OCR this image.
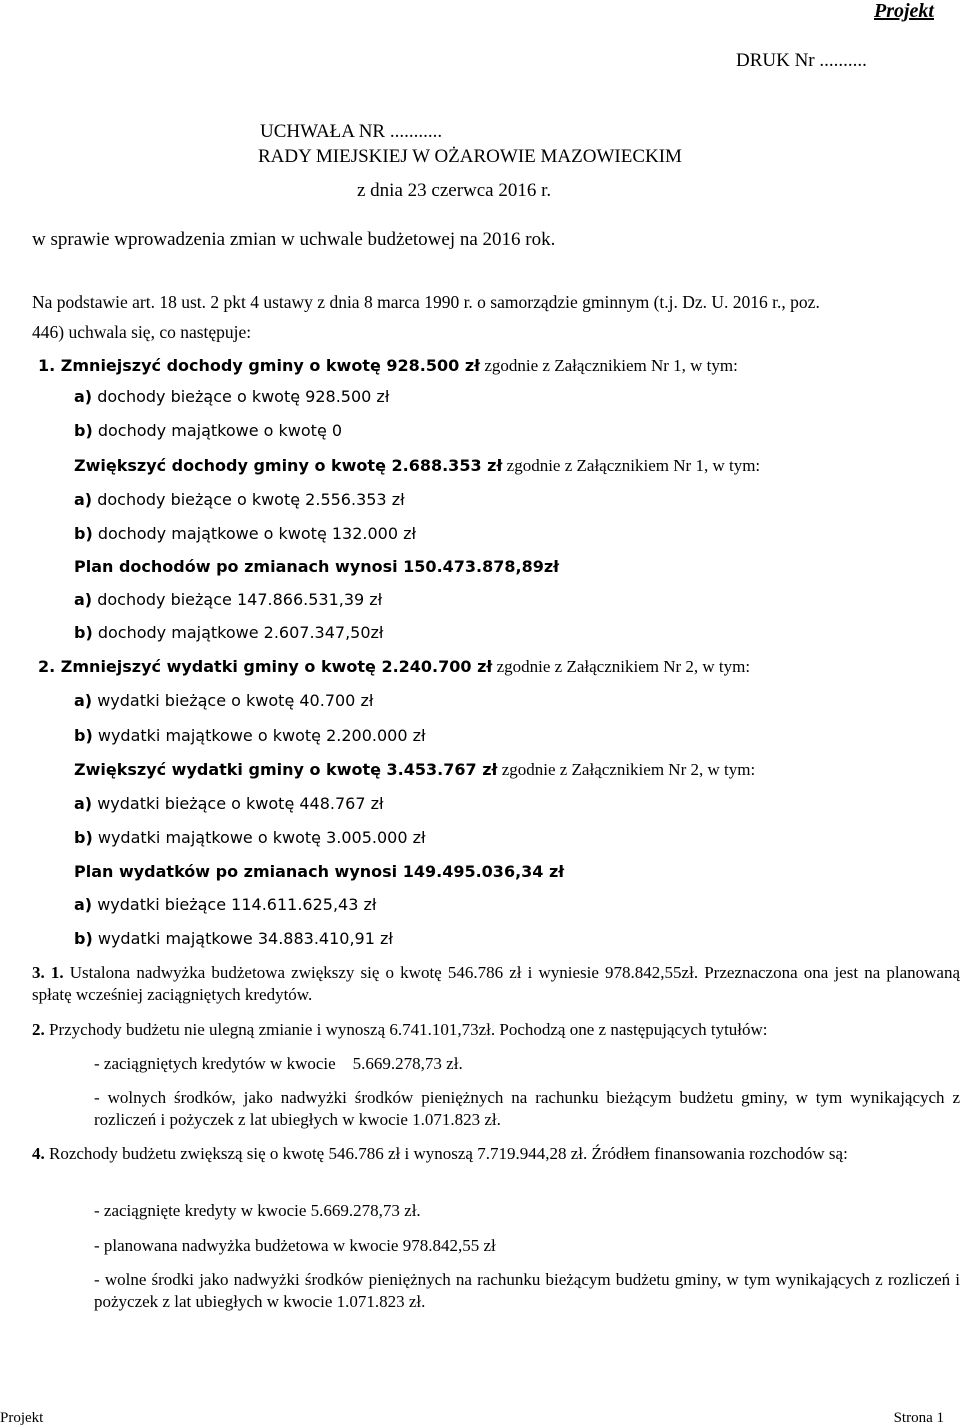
Projekt
DRUK Nr ..........
UCHWAŁA NR ...........
RADY MIEJSKIEJ W OŻAROWIE MAZOWIECKIM
z dnia 23 czerwca 2016 r.
w sprawie wprowadzenia zmian w uchwale budżetowej na 2016 rok.
Na podstawie art. 18 ust. 2 pkt 4 ustawy z dnia 8 marca 1990 r. o samorządzie gminnym (t.j. Dz. U. 2016 r., poz.
446) uchwala się, co następuje:
1. Zmniejszyć dochody gminy o kwotę 928.500 zł zgodnie z Załącznikiem Nr 1, w tym:
a) dochody bieżące o kwotę 928.500 zł
b) dochody majątkowe o kwotę 0
Zwiększyć dochody gminy o kwotę 2.688.353 zł zgodnie z Załącznikiem Nr 1, w tym:
a) dochody bieżące o kwotę 2.556.353 zł
b) dochody majątkowe o kwotę 132.000 zł
Plan dochodów po zmianach wynosi 150.473.878,89zł
a) dochody bieżące 147.866.531,39 zł
b) dochody majątkowe 2.607.347,50zł
2. Zmniejszyć wydatki gminy o kwotę 2.240.700 zł zgodnie z Załącznikiem Nr 2, w tym:
a) wydatki bieżące o kwotę 40.700 zł
b) wydatki majątkowe o kwotę 2.200.000 zł
Zwiększyć wydatki gminy o kwotę 3.453.767 zł zgodnie z Załącznikiem Nr 2, w tym:
a) wydatki bieżące o kwotę 448.767 zł
b) wydatki majątkowe o kwotę 3.005.000 zł
Plan wydatków po zmianach wynosi 149.495.036,34 zł
a) wydatki bieżące 114.611.625,43 zł
b) wydatki majątkowe 34.883.410,91 zł
3. 1. Ustalona nadwyżka budżetowa zwiększy się o kwotę 546.786 zł i wyniesie 978.842,55zł. Przeznaczona ona jest na planowaną spłatę wcześniej zaciągniętych kredytów.
2. Przychody budżetu nie ulegną zmianie i wynoszą 6.741.101,73zł. Pochodzą one z następujących tytułów:
- zaciągniętych kredytów w kwocie    5.669.278,73 zł.
- wolnych środków, jako nadwyżki środków pieniężnych na rachunku bieżącym budżetu gminy, w tym wynikających z rozliczeń i pożyczek z lat ubiegłych w kwocie 1.071.823 zł.
4. Rozchody budżetu zwiększą się o kwotę 546.786 zł i wynoszą 7.719.944,28 zł. Źródłem finansowania rozchodów są:
- zaciągnięte kredyty w kwocie 5.669.278,73 zł.
- planowana nadwyżka budżetowa w kwocie 978.842,55 zł
- wolne środki jako nadwyżki środków pieniężnych na rachunku bieżącym budżetu gminy, w tym wynikających z rozliczeń i pożyczek z lat ubiegłych w kwocie 1.071.823 zł.
Projekt	Strona 1
